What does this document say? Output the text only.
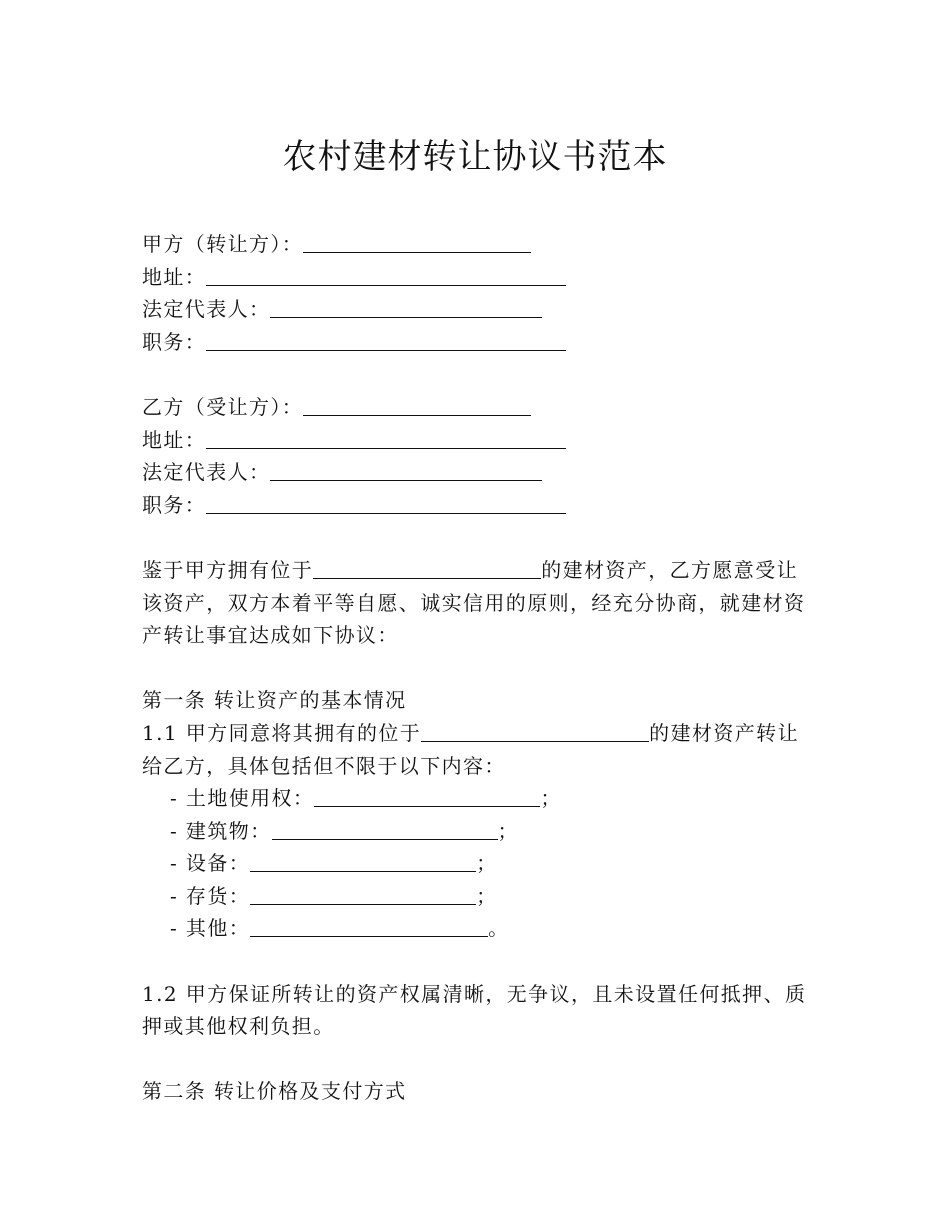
农村建材转让协议书范本
甲方（转让方）：
地址：
法定代表人：
职务：
乙方（受让方）：
地址：
法定代表人：
职务：
鉴于甲方拥有位于	的建材资产，乙方愿意受让该资产，双方本着平等自愿、诚实信用的原则，经充分协商，就建材资产转让事宜达成如下协议：
第一条 转让资产的基本情况
1.1 甲方同意将其拥有的位于	的建材资产转让给乙方，具体包括但不限于以下内容：
- 土地使用权：	；
- 建筑物：	；
- 设备：	；
- 存货：	；
- 其他：	。
1.2 甲方保证所转让的资产权属清晰，无争议，且未设置任何抵押、质押或其他权利负担。
第二条 转让价格及支付方式
